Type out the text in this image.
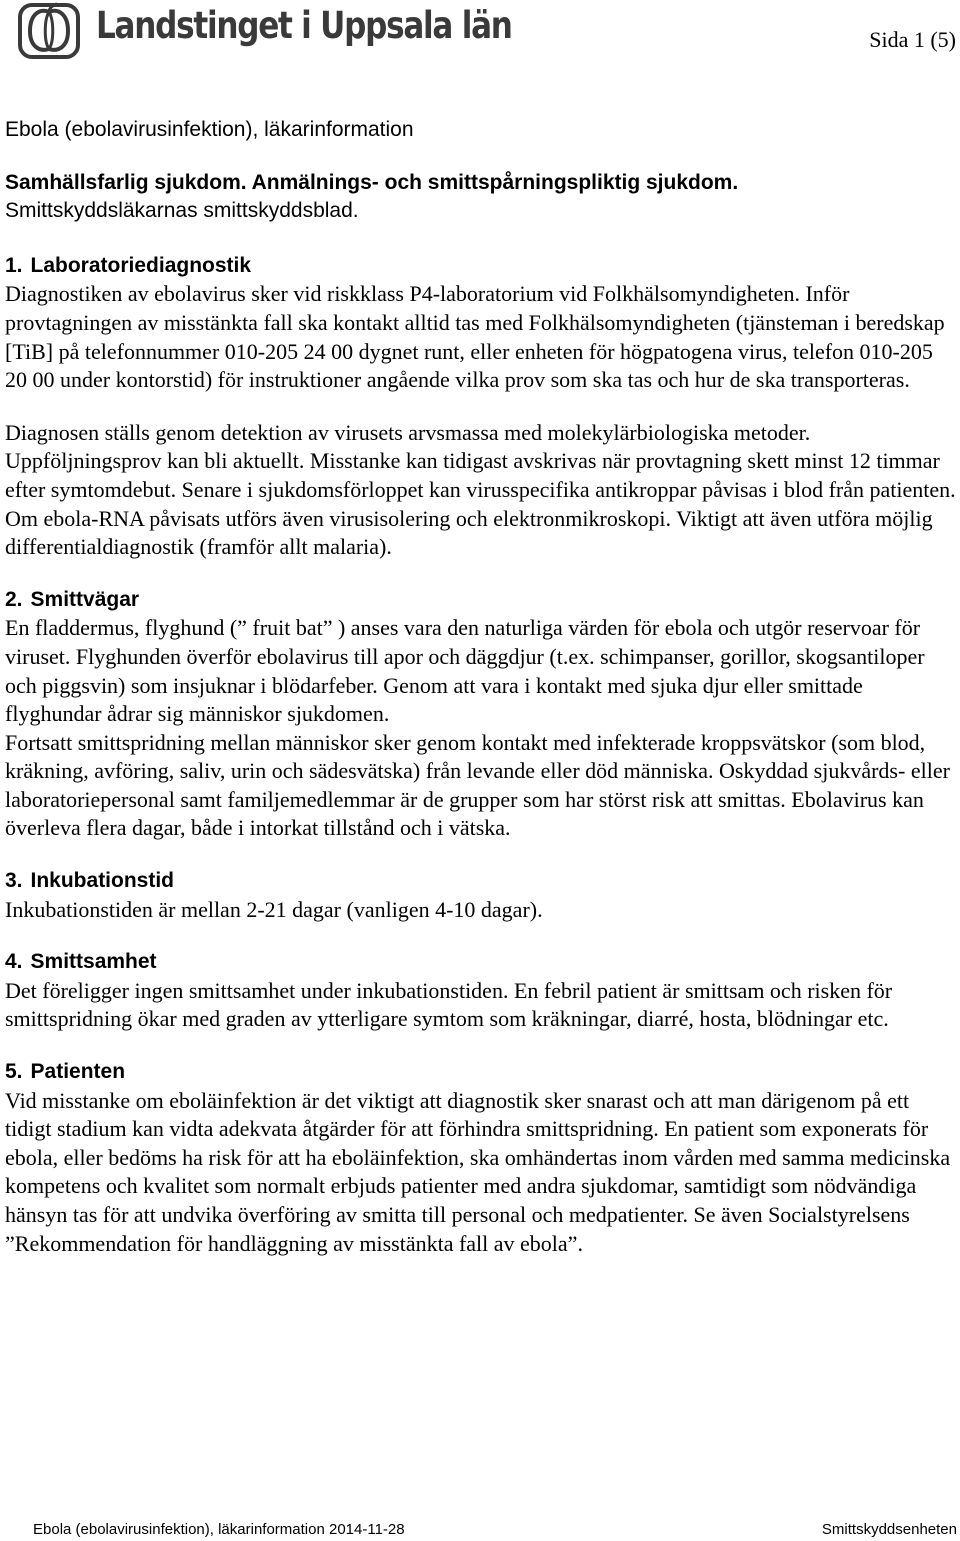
Landstinget i Uppsala län	Sida 1 (5)

Ebola (ebolavirusinfektion), läkarinformation

Samhällsfarlig sjukdom. Anmälnings- och smittspårningspliktig sjukdom.
Smittskyddsläkarnas smittskyddsblad.

1. Laboratoriediagnostik

Diagnostiken av ebolavirus sker vid riskklass P4-laboratorium vid Folkhälsomyndigheten. Inför provtagningen av misstänkta fall ska kontakt alltid tas med Folkhälsomyndigheten (tjänsteman i beredskap [TiB] på telefonnummer 010-205 24 00 dygnet runt, eller enheten för högpatogena virus, telefon 010-205 20 00 under kontorstid) för instruktioner angående vilka prov som ska tas och hur de ska transporteras.

Diagnosen ställs genom detektion av virusets arvsmassa med molekylärbiologiska metoder. Uppföljningsprov kan bli aktuellt. Misstanke kan tidigast avskrivas när provtagning skett minst 12 timmar efter symtomdebut. Senare i sjukdomsförloppet kan virusspecifika antikroppar påvisas i blod från patienten. Om ebola-RNA påvisats utförs även virusisolering och elektronmikroskopi. Viktigt att även utföra möjlig differentialdiagnostik (framför allt malaria).

2. Smittvägar

En fladdermus, flyghund (” fruit bat” ) anses vara den naturliga värden för ebola och utgör reservoar för viruset. Flyghunden överför ebolavirus till apor och däggdjur (t.ex. schimpanser, gorillor, skogsantiloper och piggsvin) som insjuknar i blödarfeber. Genom att vara i kontakt med sjuka djur eller smittade flyghundar ådrar sig människor sjukdomen.

Fortsatt smittspridning mellan människor sker genom kontakt med infekterade kroppsvätskor (som blod, kräkning, avföring, saliv, urin och sädesvätska) från levande eller död människa. Oskyddad sjukvårds- eller laboratoriepersonal samt familjemedlemmar är de grupper som har störst risk att smittas. Ebolavirus kan överleva flera dagar, både i intorkat tillstånd och i vätska.

3. Inkubationstid

Inkubationstiden är mellan 2-21 dagar (vanligen 4-10 dagar).

4. Smittsamhet

Det föreligger ingen smittsamhet under inkubationstiden. En febril patient är smittsam och risken för smittspridning ökar med graden av ytterligare symtom som kräkningar, diarré, hosta, blödningar etc.

5. Patienten

Vid misstanke om eboläinfektion är det viktigt att diagnostik sker snarast och att man därigenom på ett tidigt stadium kan vidta adekvata åtgärder för att förhindra smittspridning. En patient som exponerats för ebola, eller bedöms ha risk för att ha eboläinfektion, ska omhändertas inom vården med samma medicinska kompetens och kvalitet som normalt erbjuds patienter med andra sjukdomar, samtidigt som nödvändiga hänsyn tas för att undvika överföring av smitta till personal och medpatienter. Se även Socialstyrelsens ”Rekommendation för handläggning av misstänkta fall av ebola”.

Ebola (ebolavirusinfektion), läkarinformation 2014-11-28	Smittskyddsenheten
